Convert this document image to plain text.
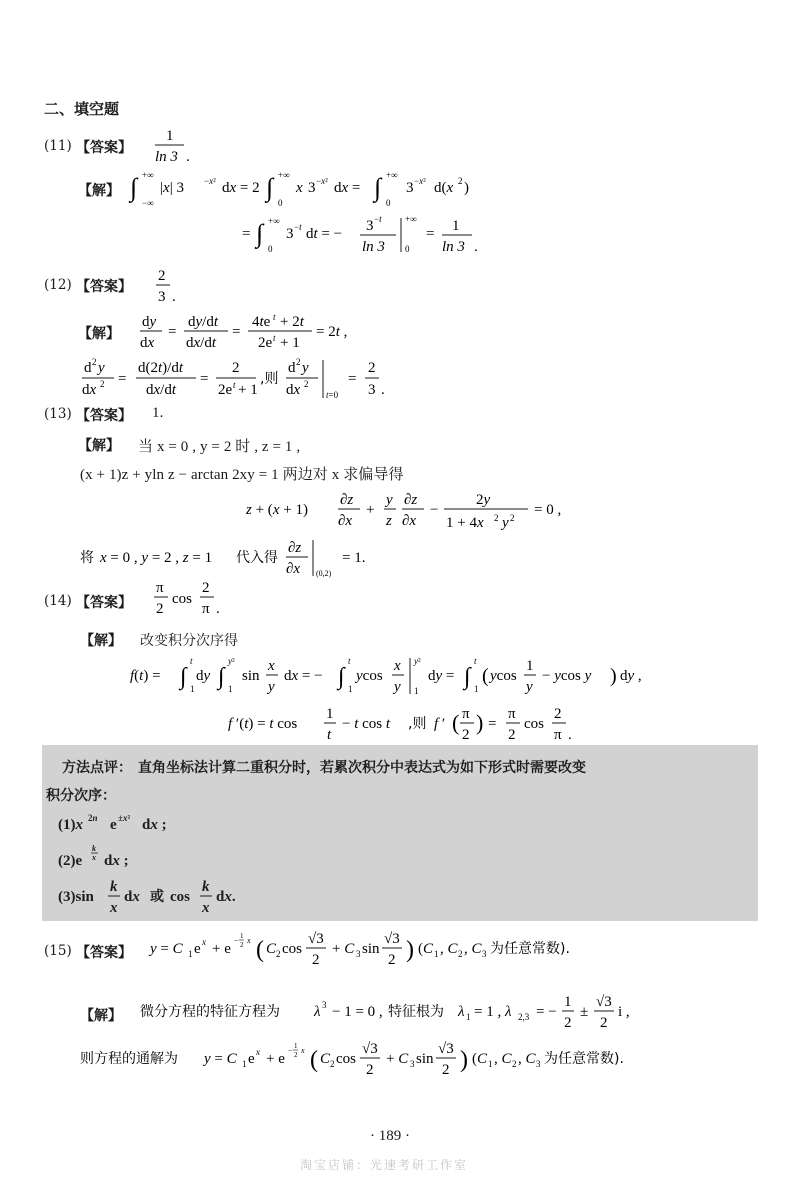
二、填空题
(11) 【答案】
1
ln 3 .
【解】 ∫ +∞
−∞
|x| 3 −x² dx = 2 ∫ +∞
0
x 3 −x² dx = ∫ +∞
0
3 −x² d(x 2 )
= ∫ +∞
0
3 −t dt = − 3 −t
ln 3
+∞
0
= 1
ln 3 .
(12) 【答案】
2
3 .
【解】
dy
dx
=
dy/dt
dx/dt
=
4te t + 2t
2e t + 1
= 2t ,
d 2 y
dx 2 =
d(2t)/dt
dx/dt
=
2
2e t + 1
,则
d 2 y
dx 2
t=0
=
2
3 .
(13) 【答案】 1.
【解】 当 x = 0 , y = 2 时 , z = 1 ,
(x + 1)z + yln z − arctan 2xy = 1 两边对 x 求偏导得
z + (x + 1)
∂z
∂x
+
y
z
∂z
∂x
−
2y
1 + 4x 2 y 2 = 0 ,
将 x = 0 , y = 2 , z = 1 代入得
∂z
∂x (0,2)
= 1.
(14) 【答案】
π
2
cos
2
π .
【解】 改变积分次序得
f(t) = ∫
t
1
dy ∫
y²
1
sin
x
y
dx = − ∫
t
1
ycos
x
y
y²
1
dy = ∫
t
1
( ycos
1
y
− ycos y ) dy ,
f ′(t) = t cos
1
t
− t cos t ,则 f ′ ( π
2 ) =
π
2
cos
2
π .
方法点评： 直角坐标法计算二重积分时，若累次积分中表达式为如下形式时需要改变
积分次序：
(1)x 2n e ±x² dx ;
(2)e
k
x dx ;
(3)sin
k
x
dx 或 cos
k
x
dx.
(15) 【答案】 y = C 1 e x + e
− 1
2 x ( C 2 cos
√3
2
+ C 3 sin
√3
2 ) (C 1 , C 2 , C 3 为任意常数).
【解】 微分方程的特征方程为 λ 3 − 1 = 0 , 特征根为 λ 1 = 1 , λ 2,3 = −
1
2
±
√3
2
i ,
则方程的通解为 y = C 1 e x + e
− 1
2 x ( C 2 cos
√3
2
+ C 3 sin
√3
2 ) (C 1 , C 2 , C 3 为任意常数).
· 189 ·
淘宝店铺：光速考研工作室
